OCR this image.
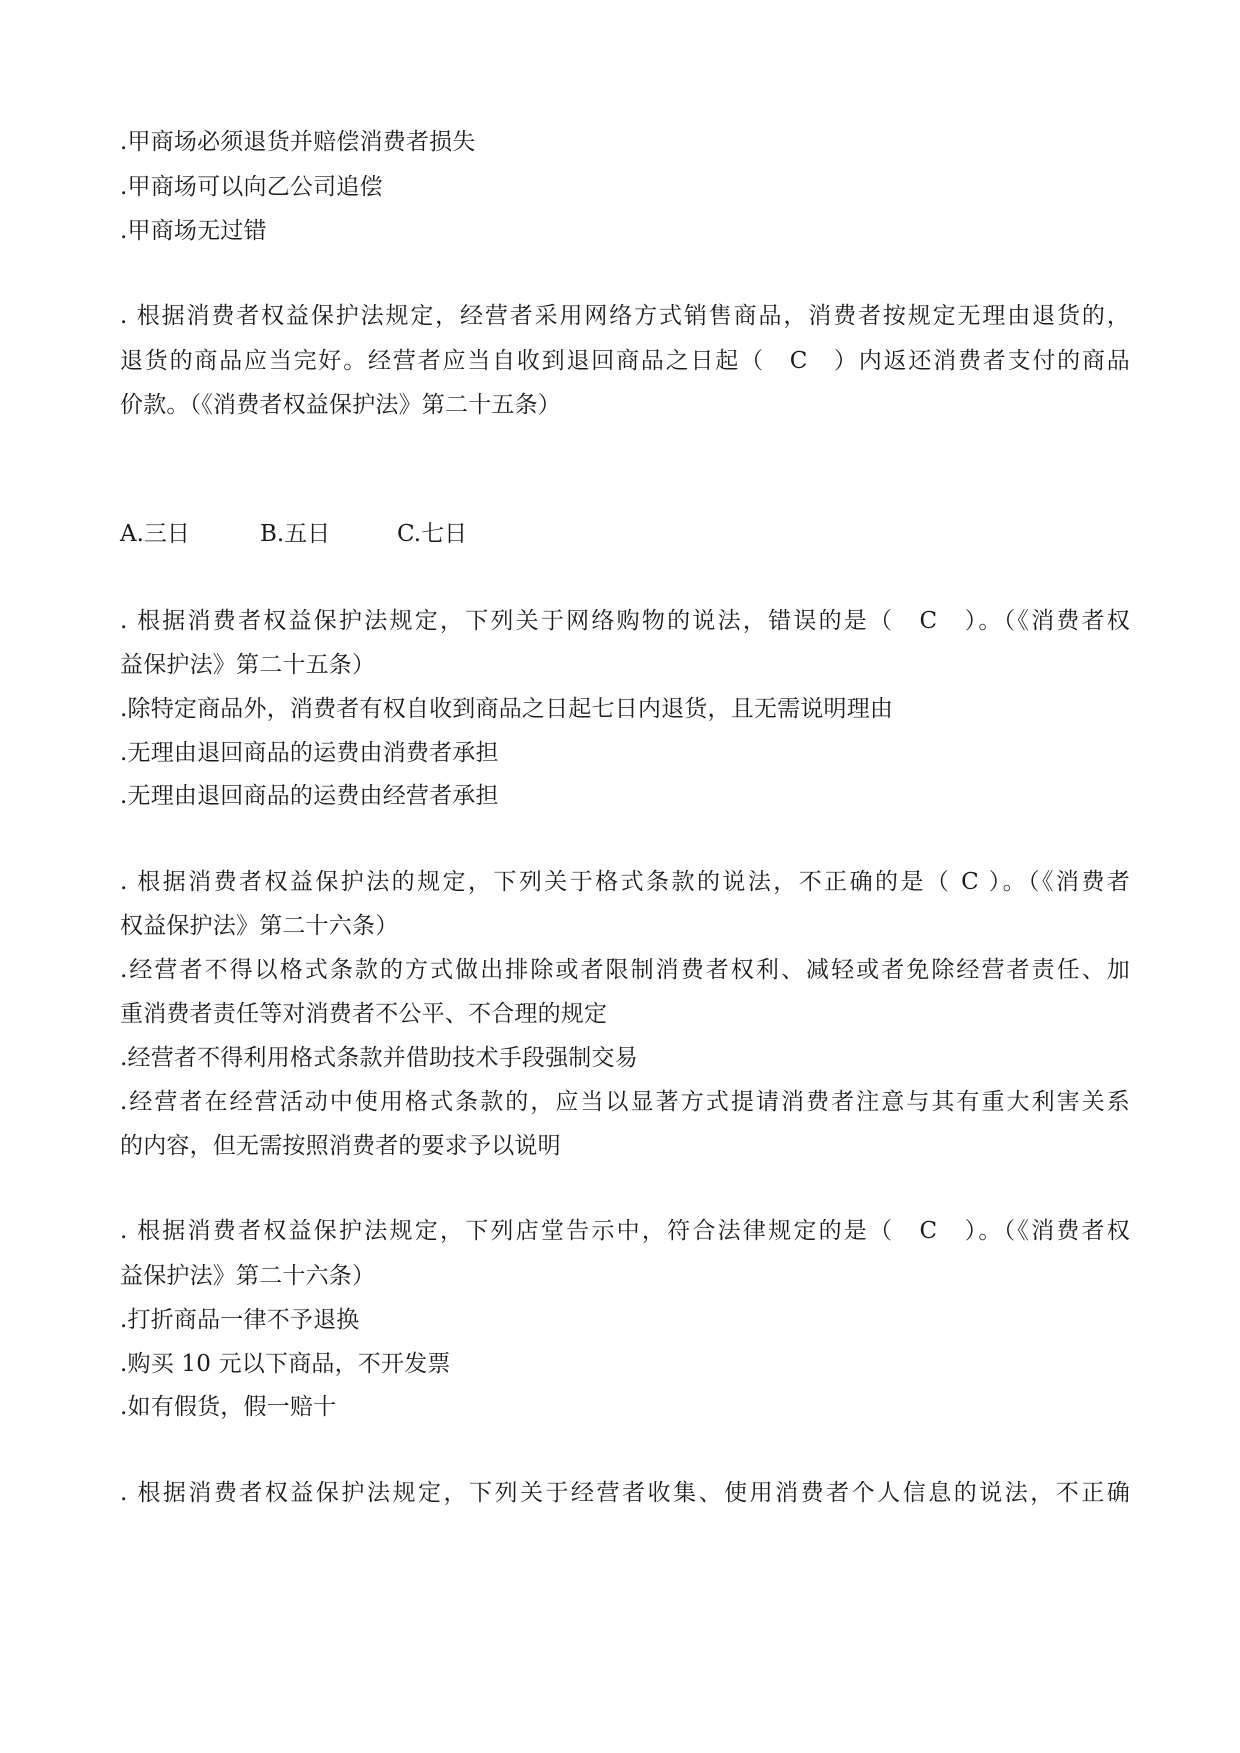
.甲商场必须退货并赔偿消费者损失
.甲商场可以向乙公司追偿
.甲商场无过错
. 根据消费者权益保护法规定，经营者采用网络方式销售商品，消费者按规定无理由退货的，
退货的商品应当完好。经营者应当自收到退回商品之日起（　C　）内返还消费者支付的商品
价款。（《消费者权益保护法》第二十五条）
A.三日	B.五日	C.七日
. 根据消费者权益保护法规定，下列关于网络购物的说法，错误的是（　C　）。（《消费者权
益保护法》第二十五条）
.除特定商品外，消费者有权自收到商品之日起七日内退货，且无需说明理由
.无理由退回商品的运费由消费者承担
.无理由退回商品的运费由经营者承担
. 根据消费者权益保护法的规定，下列关于格式条款的说法，不正确的是（ C ）。（《消费者
权益保护法》第二十六条）
.经营者不得以格式条款的方式做出排除或者限制消费者权利、减轻或者免除经营者责任、加
重消费者责任等对消费者不公平、不合理的规定
.经营者不得利用格式条款并借助技术手段强制交易
.经营者在经营活动中使用格式条款的，应当以显著方式提请消费者注意与其有重大利害关系
的内容，但无需按照消费者的要求予以说明
. 根据消费者权益保护法规定，下列店堂告示中，符合法律规定的是（　C　）。（《消费者权
益保护法》第二十六条）
.打折商品一律不予退换
.购买 10 元以下商品，不开发票
.如有假货，假一赔十
. 根据消费者权益保护法规定，下列关于经营者收集、使用消费者个人信息的说法，不正确
